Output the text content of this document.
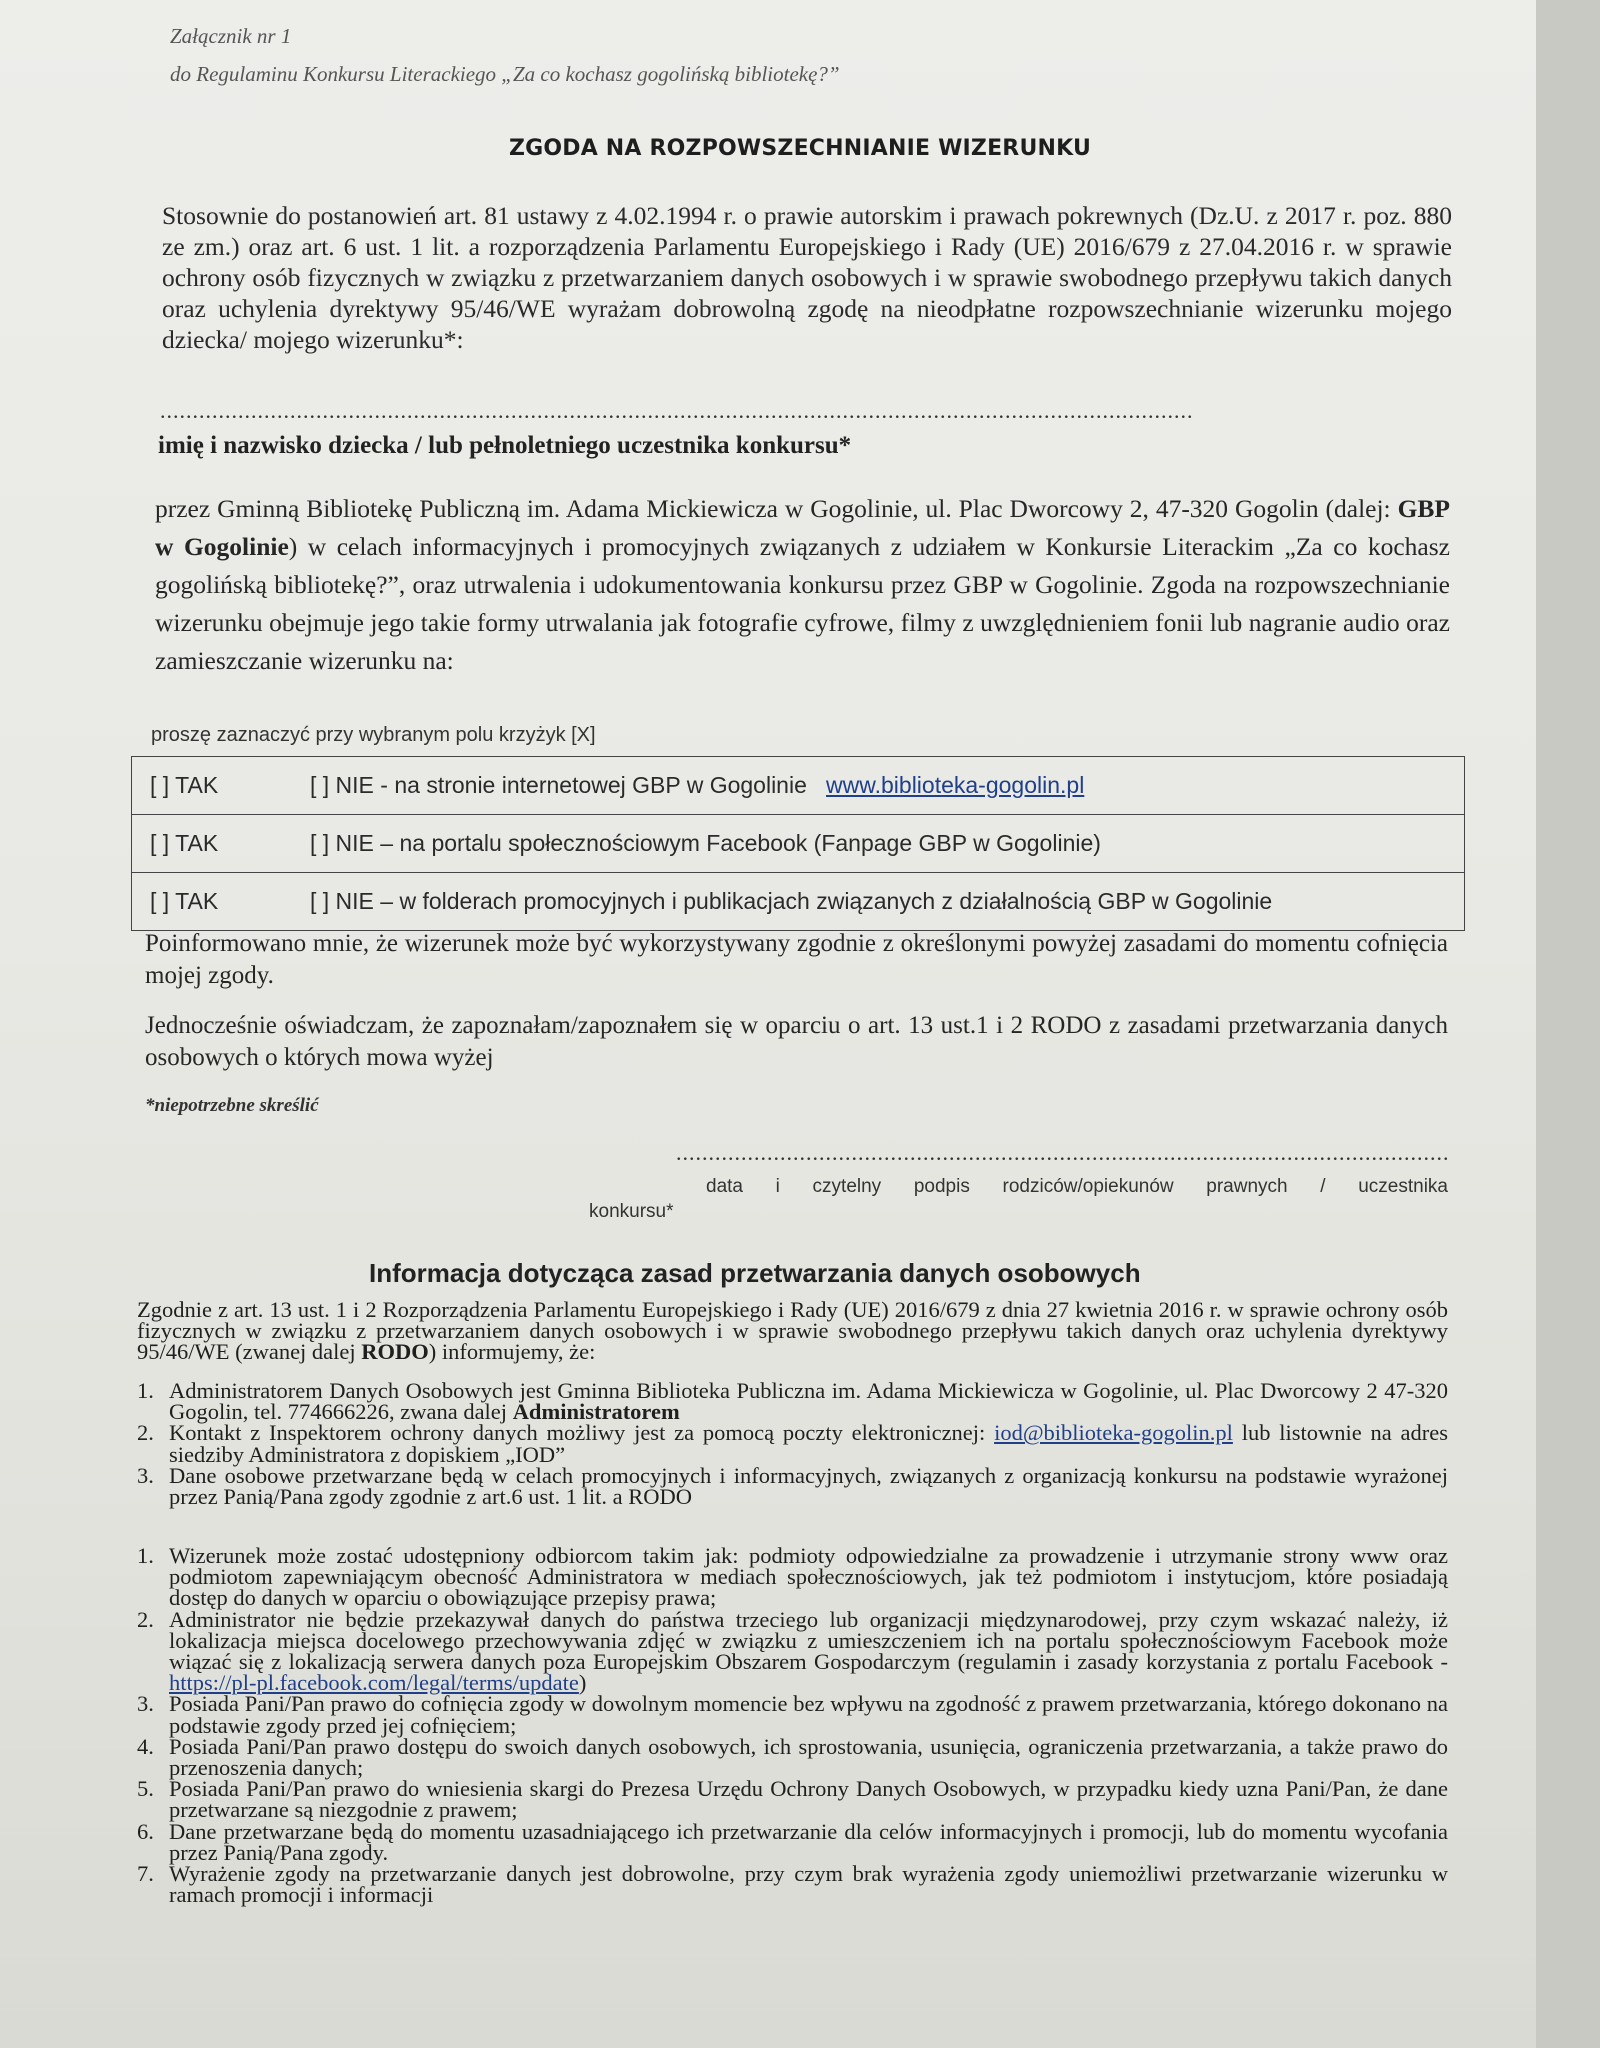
Załącznik nr 1
do Regulaminu Konkursu Literackiego „Za co kochasz gogolińską bibliotekę?”
ZGODA NA ROZPOWSZECHNIANIE WIZERUNKU
Stosownie do postanowień art. 81 ustawy z 4.02.1994 r. o prawie autorskim i prawach pokrewnych (Dz.U. z 2017 r. poz. 880 ze zm.) oraz art. 6 ust. 1 lit. a rozporządzenia Parlamentu Europejskiego i Rady (UE) 2016/679 z 27.04.2016 r. w sprawie ochrony osób fizycznych w związku z przetwarzaniem danych osobowych i w sprawie swobodnego przepływu takich danych oraz uchylenia dyrektywy 95/46/WE wyrażam dobrowolną zgodę na nieodpłatne rozpowszechnianie wizerunku mojego dziecka/ mojego wizerunku*:
...............................................................................................................................................................
imię i nazwisko dziecka / lub pełnoletniego uczestnika konkursu*
przez Gminną Bibliotekę Publiczną im. Adama Mickiewicza w Gogolinie, ul. Plac Dworcowy 2, 47-320 Gogolin (dalej: GBP w Gogolinie) w celach informacyjnych i promocyjnych związanych z udziałem w Konkursie Literackim „Za co kochasz gogolińską bibliotekę?”, oraz utrwalenia i udokumentowania konkursu przez GBP w Gogolinie. Zgoda na rozpowszechnianie wizerunku obejmuje jego takie formy utrwalania jak fotografie cyfrowe, filmy z uwzględnieniem fonii lub nagranie audio oraz zamieszczanie wizerunku na:
proszę zaznaczyć przy wybranym polu krzyżyk [X]
[ ] TAK	[ ] NIE - na stronie internetowej GBP w Gogolinie www.biblioteka-gogolin.pl
[ ] TAK	[ ] NIE – na portalu społecznościowym Facebook (Fanpage GBP w Gogolinie)
[ ] TAK	[ ] NIE – w folderach promocyjnych i publikacjach związanych z działalnością GBP w Gogolinie
Poinformowano mnie, że wizerunek może być wykorzystywany zgodnie z określonymi powyżej zasadami do momentu cofnięcia mojej zgody.
Jednocześnie oświadczam, że zapoznałam/zapoznałem się w oparciu o art. 13 ust.1 i 2 RODO z zasadami przetwarzania danych osobowych o których mowa wyżej
*niepotrzebne skreślić
.......................................................................................................................
data i czytelny podpis rodziców/opiekunów prawnych / uczestnika
konkursu*
Informacja dotycząca zasad przetwarzania danych osobowych
Zgodnie z art. 13 ust. 1 i 2 Rozporządzenia Parlamentu Europejskiego i Rady (UE) 2016/679 z dnia 27 kwietnia 2016 r. w sprawie ochrony osób fizycznych w związku z przetwarzaniem danych osobowych i w sprawie swobodnego przepływu takich danych oraz uchylenia dyrektywy 95/46/WE (zwanej dalej RODO) informujemy, że:
1. Administratorem Danych Osobowych jest Gminna Biblioteka Publiczna im. Adama Mickiewicza w Gogolinie, ul. Plac Dworcowy 2 47-320 Gogolin, tel. 774666226, zwana dalej Administratorem
2. Kontakt z Inspektorem ochrony danych możliwy jest za pomocą poczty elektronicznej: iod@biblioteka-gogolin.pl lub listownie na adres siedziby Administratora z dopiskiem „IOD”
3. Dane osobowe przetwarzane będą w celach promocyjnych i informacyjnych, związanych z organizacją konkursu na podstawie wyrażonej przez Panią/Pana zgody zgodnie z art.6 ust. 1 lit. a RODO
1. Wizerunek może zostać udostępniony odbiorcom takim jak: podmioty odpowiedzialne za prowadzenie i utrzymanie strony www oraz podmiotom zapewniającym obecność Administratora w mediach społecznościowych, jak też podmiotom i instytucjom, które posiadają dostęp do danych w oparciu o obowiązujące przepisy prawa;
2. Administrator nie będzie przekazywał danych do państwa trzeciego lub organizacji międzynarodowej, przy czym wskazać należy, iż lokalizacja miejsca docelowego przechowywania zdjęć w związku z umieszczeniem ich na portalu społecznościowym Facebook może wiązać się z lokalizacją serwera danych poza Europejskim Obszarem Gospodarczym (regulamin i zasady korzystania z portalu Facebook - https://pl-pl.facebook.com/legal/terms/update)
3. Posiada Pani/Pan prawo do cofnięcia zgody w dowolnym momencie bez wpływu na zgodność z prawem przetwarzania, którego dokonano na podstawie zgody przed jej cofnięciem;
4. Posiada Pani/Pan prawo dostępu do swoich danych osobowych, ich sprostowania, usunięcia, ograniczenia przetwarzania, a także prawo do przenoszenia danych;
5. Posiada Pani/Pan prawo do wniesienia skargi do Prezesa Urzędu Ochrony Danych Osobowych, w przypadku kiedy uzna Pani/Pan, że dane przetwarzane są niezgodnie z prawem;
6. Dane przetwarzane będą do momentu uzasadniającego ich przetwarzanie dla celów informacyjnych i promocji, lub do momentu wycofania przez Panią/Pana zgody.
7. Wyrażenie zgody na przetwarzanie danych jest dobrowolne, przy czym brak wyrażenia zgody uniemożliwi przetwarzanie wizerunku w ramach promocji i informacji
